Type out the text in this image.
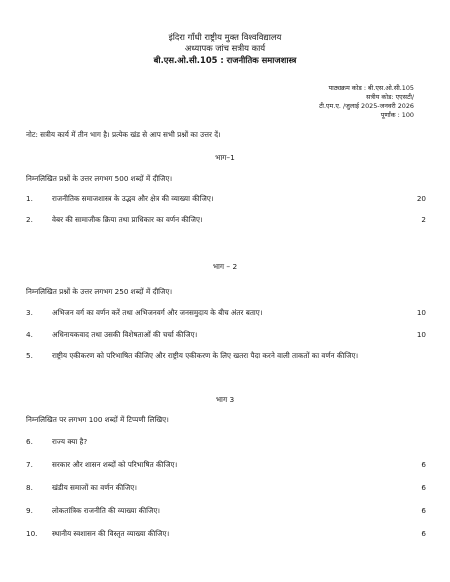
इंदिरा गाँधी राष्ट्रीय मुक्त विश्वविद्यालय
अध्यापक जांच सत्रीय कार्य
बी.एस.ओ.सी.105 : राजनीतिक समाजशास्त्र
पाठ्यक्रम कोड : बी.एस.ओ.सी.105
सत्रीय कोड: एएसटी/
टी.एम.ए. /जुलाई 2025-जनवरी 2026
पूर्णांक : 100
नोट: सत्रीय कार्य में तीन भाग है। प्रत्येक खंड से आप सभी प्रश्नों का उत्तर दें।
भाग–1
निम्नलिखित प्रश्नों के उत्तर लगभग 500 शब्दों में दीजिए।
1.	राजनीतिक समाजशास्त्र के उद्भव और क्षेत्र की व्याख्या कीजिए।	20
2.	वेबर की सामाजीक क्रिया तथा प्राधिकार का वर्णन कीजिए।	2
भाग – 2
निम्नलिखित प्रश्नों के उत्तर लगभग 250 शब्दों में दीजिए।
3.	अभिजन वर्ग का वर्णन करें तथा अभिजनवर्ग और जनसमुदाय के बीच अंतर बताए।	10
4.	अधिनायकवाद तथा उसकी विशेषताओं की चर्चा कीजिए।	10
5.	राष्ट्रीय एकीकरण को परिभाषित कीजिए और राष्ट्रीय एकीकरण के लिए खतरा पैदा करने वाली ताकतों का वर्णन कीजिए।
भाग 3
निम्नलिखित पर लगभग 100 शब्दों में टिप्पणी लिखिए।
6.	राज्य क्या है?
7.	सरकार और शासन शब्दों को परिभाषित कीजिए।	6
8.	खंडीय समाजों का वर्णन कीजिए।	6
9.	लोकतांत्रिक राजनीति की व्याख्या कीजिए।	6
10.	स्थानीय स्वशासन की विस्तृत व्याख्या कीजिए।	6
